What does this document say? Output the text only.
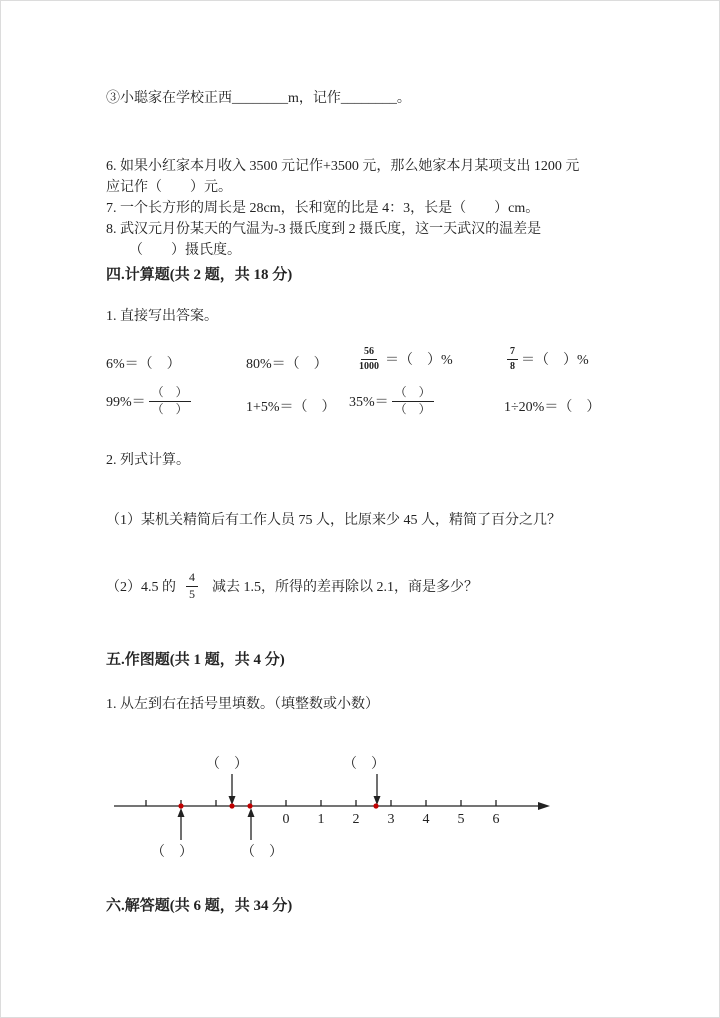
③小聪家在学校正西________m，记作________。
6. 如果小红家本月收入 3500 元记作+3500 元，那么她家本月某项支出 1200 元
应记作（　　）元。
7. 一个长方形的周长是 28cm，长和宽的比是 4：3，长是（　　）cm。
8. 武汉元月份某天的气温为-3 摄氏度到 2 摄氏度，这一天武汉的温差是
（　　）摄氏度。
四.计算题(共 2 题，共 18 分)
1. 直接写出答案。
6%＝（　）	80%＝（　）	$\frac{56}{1000}$ ＝（　）%	$\frac{7}{8}$ ＝（　）%
$99\%= \frac{( )}{( )}$	1+5%＝（　） $35\%= \frac{( )}{( )}$	1÷20%＝（　）
2. 列式计算。
（1）某机关精简后有工作人员 75 人，比原来少 45 人，精简了百分之几？
（2）4.5 的 $\frac{4}{5}$ 减去 1.5，所得的差再除以 2.1，商是多少？
五.作图题(共 1 题，共 4 分)
1. 从左到右在括号里填数。（填整数或小数）
（　）	（　）
0 1 2 3 4 5 6
（　）	（　）
六.解答题(共 6 题，共 34 分)
